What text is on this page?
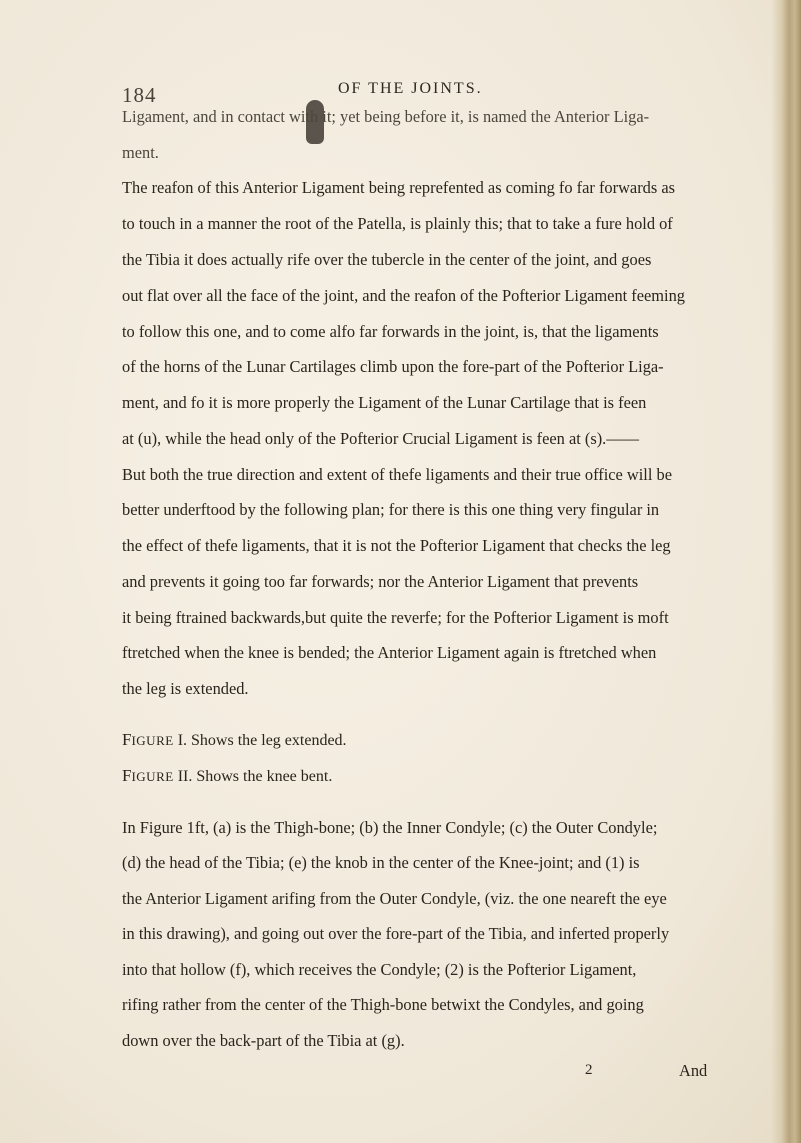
184	OF THE JOINTS.
Ligament, and in contact with it; yet being before it, is named the Anterior Liga-
ment.
The reafon of this Anterior Ligament being reprefented as coming fo far forwards as
to touch in a manner the root of the Patella, is plainly this; that to take a fure hold of
the Tibia it does actually rife over the tubercle in the center of the joint, and goes
out flat over all the face of the joint, and the reafon of the Pofterior Ligament feeming
to follow this one, and to come alfo far forwards in the joint, is, that the ligaments
of the horns of the Lunar Cartilages climb upon the fore-part of the Pofterior Liga-
ment, and fo it is more properly the Ligament of the Lunar Cartilage that is feen
at (u), while the head only of the Pofterior Crucial Ligament is feen at (s).——
But both the true direction and extent of thefe ligaments and their true office will be
better underftood by the following plan; for there is this one thing very fingular in
the effect of thefe ligaments, that it is not the Pofterior Ligament that checks the leg
and prevents it going too far forwards; nor the Anterior Ligament that prevents
it being ftrained backwards,but quite the reverfe; for the Pofterior Ligament is moft
ftretched when the knee is bended; the Anterior Ligament again is ftretched when
the leg is extended.
FIGURE I. Shows the leg extended.
FIGURE II. Shows the knee bent.
In Figure 1ft, (a) is the Thigh-bone; (b) the Inner Condyle; (c) the Outer Condyle;
(d) the head of the Tibia; (e) the knob in the center of the Knee-joint; and (1) is
the Anterior Ligament arifing from the Outer Condyle, (viz. the one neareft the eye
in this drawing), and going out over the fore-part of the Tibia, and inferted properly
into that hollow (f), which receives the Condyle; (2) is the Pofterior Ligament,
rifing rather from the center of the Thigh-bone betwixt the Condyles, and going
down over the back-part of the Tibia at (g).
2	And
